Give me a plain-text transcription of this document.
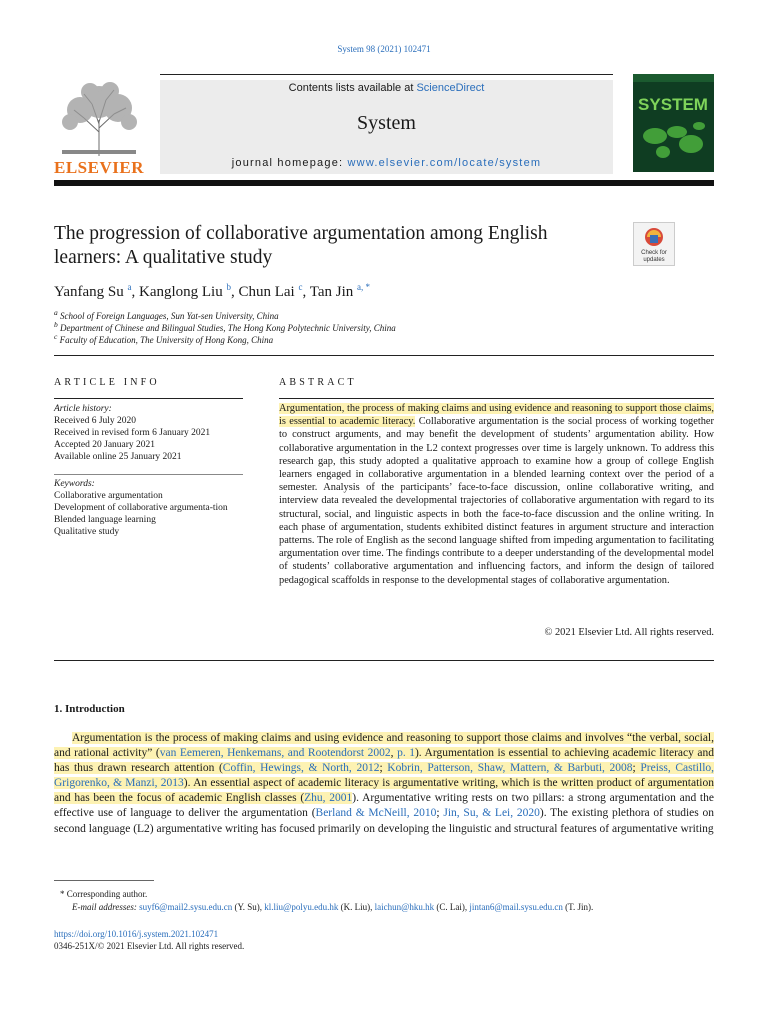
System 98 (2021) 102471
ELSEVIER
Contents lists available at ScienceDirect
System
journal homepage: www.elsevier.com/locate/system
SYSTEM
The progression of collaborative argumentation among English learners: A qualitative study	Check for
updates
Yanfang Su $^a$, Kanglong Liu $^b$, Chun Lai $^c$, Tan Jin $^{a, *}$
$^a$ School of Foreign Languages, Sun Yat-sen University, China
$^b$ Department of Chinese and Bilingual Studies, The Hong Kong Polytechnic University, China
$^c$ Faculty of Education, The University of Hong Kong, China
ARTICLE INFO
Article history:
Received 6 July 2020
Received in revised form 6 January 2021
Accepted 20 January 2021
Available online 25 January 2021
Keywords:
Collaborative argumentation
Development of collaborative argumenta-tion
Blended language learning
Qualitative study
ABSTRACT
Argumentation, the process of making claims and using evidence and reasoning to support those claims, is essential to academic literacy. Collaborative argumentation is the social process of working together to construct arguments, and may benefit the development of students’ argumentation ability. How collaborative argumentation in the L2 context progresses over time is largely unknown. To address this research gap, this study adopted a qualitative approach to examine how a group of college English learners engaged in collaborative argumentation in a blended learning context over the period of a semester. Analysis of the participants’ face-to-face discussion, online collaborative writing, and interview data revealed the developmental trajectories of collaborative argumentation with regard to its structural, social, and linguistic aspects in both the face-to-face discussion and the online writing. In each phase of argumentation, students exhibited distinct features in argument structure and interaction patterns. The role of English as the second language shifted from impeding argumentation to facilitating argumentation over time. The findings contribute to a deeper understanding of the developmental model of students’ collaborative argumentation and influencing factors, and inform the design of tailored pedagogical scaffolds in response to the developmental stages of collaborative argumentation.
© 2021 Elsevier Ltd. All rights reserved.
1. Introduction
Argumentation is the process of making claims and using evidence and reasoning to support those claims and involves “the verbal, social, and rational activity” (van Eemeren, Henkemans, and Rootendorst 2002, p. 1). Argumentation is essential to achieving academic literacy and has thus drawn research attention (Coffin, Hewings, & North, 2012; Kobrin, Patterson, Shaw, Mattern, & Barbuti, 2008; Preiss, Castillo, Grigorenko, & Manzi, 2013). An essential aspect of academic literacy is argumentative writing, which is the written product of argumentation and has been the focus of academic English classes (Zhu, 2001). Argumentative writing rests on two pillars: a strong argumentation and the effective use of language to deliver the argumentation (Berland & McNeill, 2010; Jin, Su, & Lei, 2020). The existing plethora of studies on second language (L2) argumentative writing has focused primarily on developing the linguistic and structural features of argumentative writing
* Corresponding author.
E-mail addresses: suyf6@mail2.sysu.edu.cn (Y. Su), kl.liu@polyu.edu.hk (K. Liu), laichun@hku.hk (C. Lai), jintan6@mail.sysu.edu.cn (T. Jin).
https://doi.org/10.1016/j.system.2021.102471
0346-251X/© 2021 Elsevier Ltd. All rights reserved.
